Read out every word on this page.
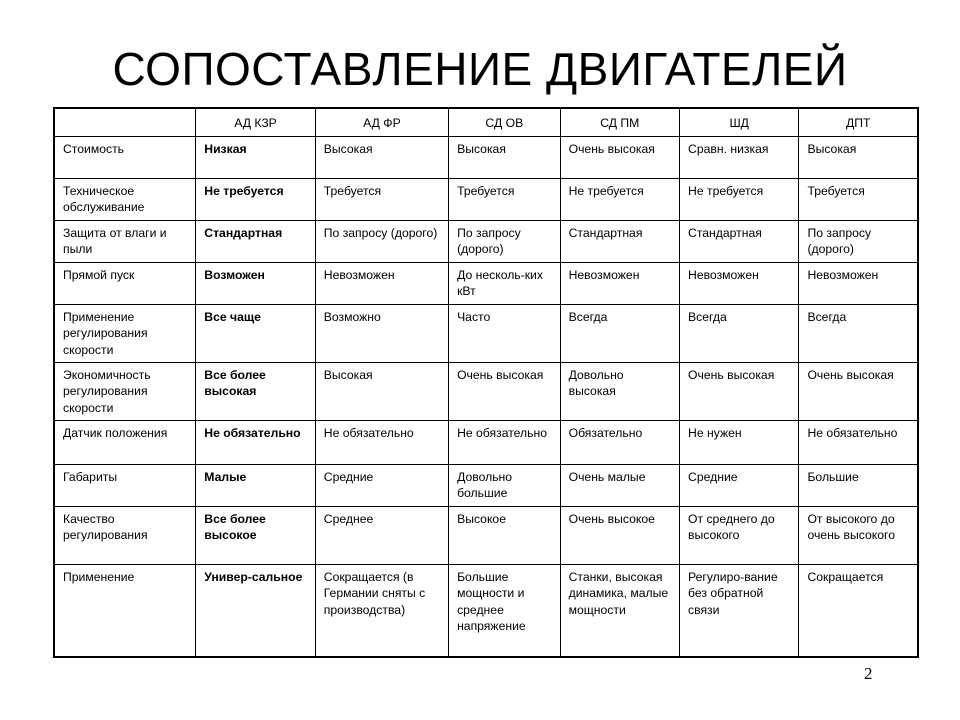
СОПОСТАВЛЕНИЕ ДВИГАТЕЛЕЙ
	АД КЗР	АД ФР	СД ОВ	СД ПМ	ШД	ДПТ
Стоимость	Низкая	Высокая	Высокая	Очень высокая	Сравн. низкая	Высокая
Техническое обслуживание	Не требуется	Требуется	Требуется	Не требуется	Не требуется	Требуется
Защита от влаги и пыли	Стандартная	По запросу (дорого)	По запросу (дорого)	Стандартная	Стандартная	По запросу (дорого)
Прямой пуск	Возможен	Невозможен	До несколь-ких кВт	Невозможен	Невозможен	Невозможен
Применение регулирования скорости	Все чаще	Возможно	Часто	Всегда	Всегда	Всегда
Экономичность регулирования скорости	Все более высокая	Высокая	Очень высокая	Довольно высокая	Очень высокая	Очень высокая
Датчик положения	Не обязательно	Не обязательно	Не обязательно	Обязательно	Не нужен	Не обязательно
Габариты	Малые	Средние	Довольно большие	Очень малые	Средние	Большие
Качество регулирования	Все более высокое	Среднее	Высокое	Очень высокое	От среднего до высокого	От высокого до очень высокого
Применение	Универ-сальное	Сокращается (в Германии сняты с производства)	Большие мощности и среднее напряжение	Станки, высокая динамика, малые мощности	Регулиро-вание без обратной связи	Сокращается
2
